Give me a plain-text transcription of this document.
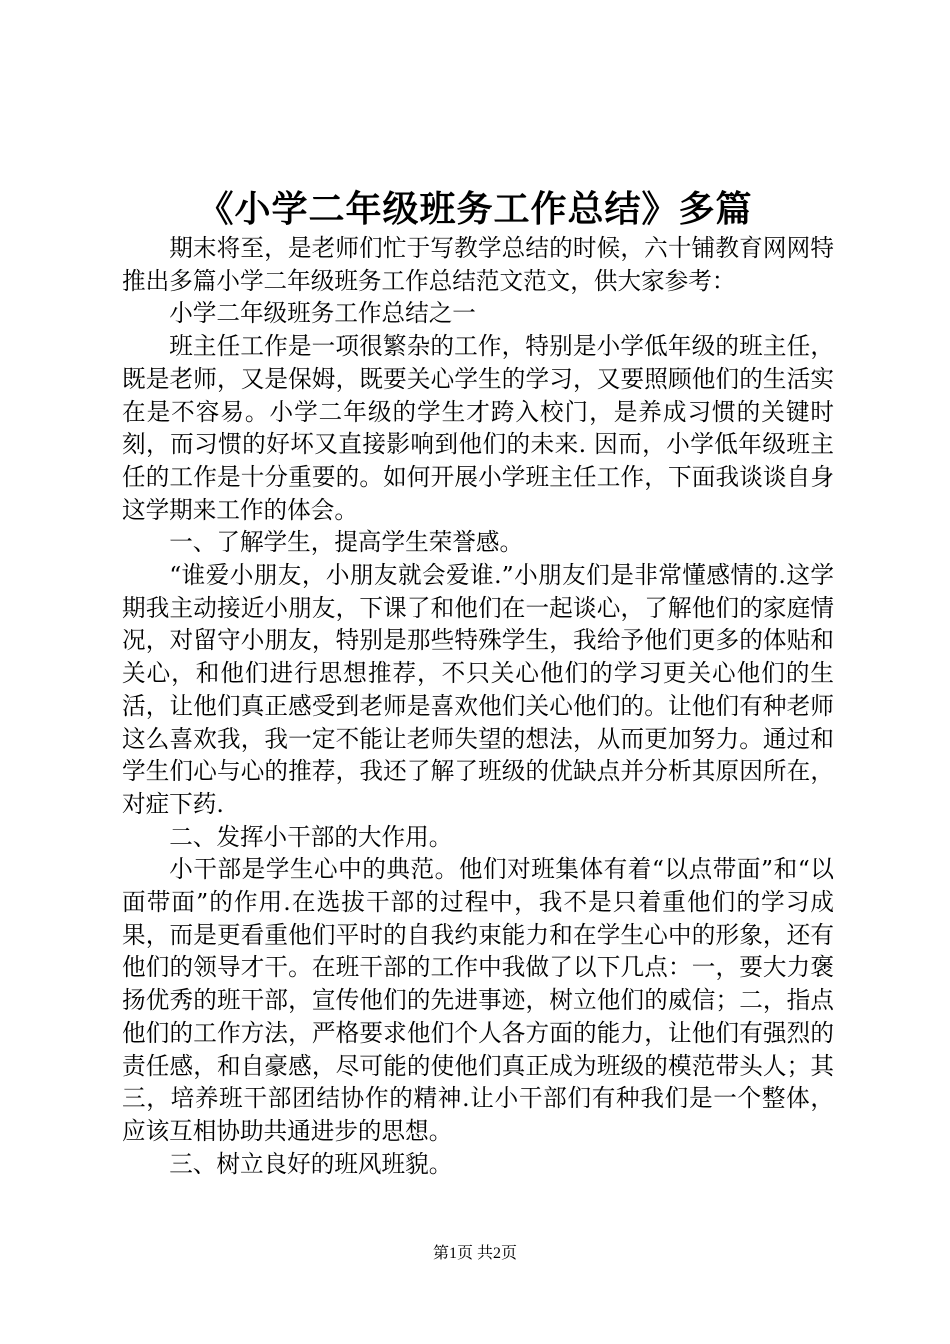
《小学二年级班务工作总结》多篇

期末将至，是老师们忙于写教学总结的时候，六十铺教育网网特推出多篇小学二年级班务工作总结范文范文，供大家参考：

小学二年级班务工作总结之一

班主任工作是一项很繁杂的工作，特别是小学低年级的班主任，既是老师，又是保姆，既要关心学生的学习，又要照顾他们的生活实在是不容易。小学二年级的学生才跨入校门，是养成习惯的关键时刻，而习惯的好坏又直接影响到他们的未来. 因而，小学低年级班主任的工作是十分重要的。如何开展小学班主任工作，下面我谈谈自身这学期来工作的体会。

一、了解学生，提高学生荣誉感。

“谁爱小朋友，小朋友就会爱谁.”小朋友们是非常懂感情的.这学期我主动接近小朋友，下课了和他们在一起谈心，了解他们的家庭情况，对留守小朋友，特别是那些特殊学生，我给予他们更多的体贴和关心，和他们进行思想推荐，不只关心他们的学习更关心他们的生活，让他们真正感受到老师是喜欢他们关心他们的。让他们有种老师这么喜欢我，我一定不能让老师失望的想法，从而更加努力。通过和学生们心与心的推荐，我还了解了班级的优缺点并分析其原因所在，对症下药.

二、发挥小干部的大作用。

小干部是学生心中的典范。他们对班集体有着“以点带面”和“以面带面”的作用.在选拔干部的过程中，我不是只着重他们的学习成果，而是更看重他们平时的自我约束能力和在学生心中的形象，还有他们的领导才干。在班干部的工作中我做了以下几点：一，要大力褒扬优秀的班干部，宣传他们的先进事迹，树立他们的威信；二，指点他们的工作方法，严格要求他们个人各方面的能力，让他们有强烈的责任感，和自豪感，尽可能的使他们真正成为班级的模范带头人；其三，培养班干部团结协作的精神.让小干部们有种我们是一个整体，应该互相协助共通进步的思想。

三、树立良好的班风班貌。

第1页 共2页
